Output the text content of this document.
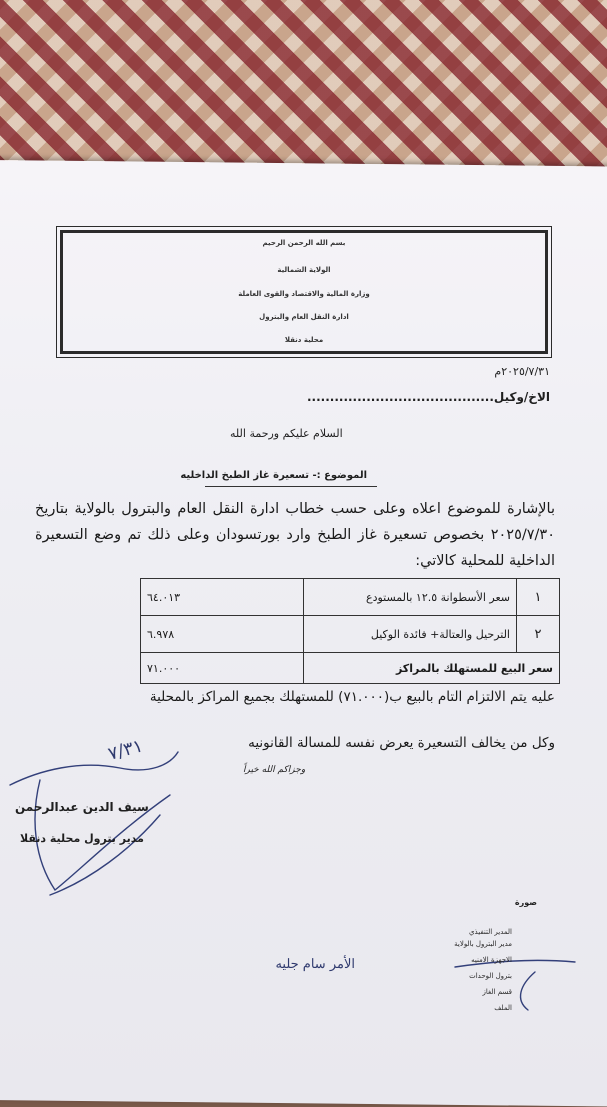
بسم الله الرحمن الرحيم
الولاية الشمالية
وزارة المالية والاقتصاد والقوى العاملة
ادارة النقل العام والبترول
محلية دنقلا
٢٠٢٥/٧/٣١م
الاخ/وكيل.........................................
السلام عليكم ورحمة الله
الموضوع :- تسعيرة غاز الطبخ الداخليه
بالإشارة للموضوع اعلاه وعلى حسب خطاب ادارة النقل العام والبترول بالولاية بتاريخ ٢٠٢٥/٧/٣٠ بخصوص تسعيرة غاز الطبخ وارد بورتسودان وعلى ذلك تم وضع التسعيرة الداخلية للمحلية كالاتي:
١	سعر الأسطوانة ١٢.٥ بالمستودع	٦٤.٠١٣
٢	الترحيل والعتالة+ فائدة الوكيل	٦.٩٧٨
سعر البيع للمستهلك بالمراكز		٧١.٠٠٠
عليه يتم الالتزام التام بالبيع ب(٧١.٠٠٠) للمستهلك بجميع المراكز بالمحلية
وكل من يخالف التسعيرة يعرض نفسه للمسالة القانونيه
وجزاكم الله خيراً
٧/٣١
الأمر سام جليه
سيف الدين عبدالرحمن
مدير بترول محلية دنقلا
صورة
المدير التنفيذي
مدير البترول بالولاية
الاجهزة الامنيه
بترول الوحدات
قسم الغاز
الملف
